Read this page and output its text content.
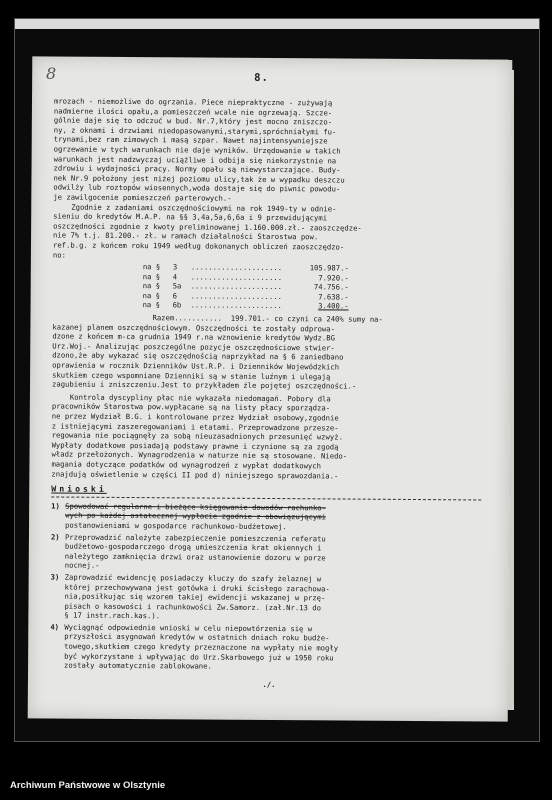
8.
mrozach - niemożliwe do ogrzania. Piece niepraktyczne - zużywają
nadmierne ilości opału,a pomieszczeń wcale nie ogrzewają. Szcze-
gólnie daje się to odczuć w bud. Nr.7,który jest mocno zniszczo-
ny, z oknami i drzwiami niedopasowanymi,starymi,spróchniałymi fu-
trynami,bez ram zimowych i masą szpar. Nawet najintensywniejsze
ogrzewanie w tych warunkach nie daje wyników. Urzędowanie w takich
warunkach jest nadzwyczaj uciążliwe i odbija się niekorzystnie na
zdrowiu i wydajności pracy. Normy opału są niewystarczające. Budy-
nek Nr.9 położony jest niżej poziomu ulicy,tak że w wypadku deszczu
odwilży lub roztopów wiosennych,woda dostaje się do piwnic powodu-
je zawilgocenie pomieszczeń parterowych.-
Zgodnie z zadaniami oszczędnościowymi na rok 1949-ty w odnie-
sieniu do kredytów M.A.P. na §§ 3,4a,5a,6,6a i 9 przewidującymi
oszczędności zgodnie z kwoty preliminowanej 1.160.000.zł.- zaoszczędze-
nie 7% t.j. 81.200.- zł. w ramach działalności Starostwa pow.
ref.b.g. z końcem roku 1949 według dokonanych obliczeń zaoszczędzo-
no:
na §	3	.....................	105.987.-
na §	4	.....................	7.920.-
na §	5a	.....................	74.756.-
na §	6	.....................	7.638.-
na §	6b	.....................	3.400.-
Razem...........  199.701.- co czyni ca 240% sumy na-
kazanej planem oszczędnościowym. Oszczędności te zostały odprowa-
dzone z końcem m-ca grudnia 1949 r.na wznowienie kredytów Wydz.BG
Urz.Woj.- Analizując poszczególne pozycje oszczędnościowe stwier-
dzono,że aby wykazać się oszczędnością naprzykład na § 6 zaniedbano
oprawienia w rocznik Dzienników Ust.R.P. i Dzienników Wojewódzkich
skutkiem czego wspomniane Dzienniki są w stanie luźnym i ulegają
zagubieniu i zniszczeniu.Jest to przykładem źle pojętej oszczędności.-
Kontrola dyscypliny płac nie wykazała niedomagań. Pobory dla
pracowników Starostwa pow.wypłacane są na listy płacy sporządza-
ne przez Wydział B.G. i kontrolowane przez Wydział osobowy,zgodnie
z istniejącymi zaszeregowaniami i etatami. Przeprowadzone przesze-
regowania nie pociągnęły za sobą nieuzasadnionych przesunięć wzwyż.
Wypłaty dodatkowe posiadają podstawy prawne i czynione są za zgodą
władz przełożonych. Wynagrodzenia w naturze nie są stosowane. Niedo-
magania dotyczące podatków od wynagrodzeń z wypłat dodatkowych
znajdują oświetlenie w części II pod d) niniejszego sprawozdania.-
Wnioski
1) Spowodować regularne i bieżące księgowanie dowodów rachunko-
wych po każdej ostatecznej wypłacie zgodnie z obowiązującymi
postanowieniami w gospodarce rachunkowo-budżetowej.
2) Przeprowadzić należyte zabezpieczenie pomieszczenia referatu
budżetowo-gospodarczego drogą umieszczenia krat okiennych i
należytego zamknięcia drzwi oraz ustanowienie dozoru w porze
nocnej.-
3) Zaprowadzić ewidencję posiadaczy kluczy do szafy żelaznej w
której przechowywana jest gotówka i druki ścisłego zarachowa-
nia,posiłkując się wzorem takiej ewidencji wskazanej w przę-
pisach o kasowości i rachunkowości Zw.Samorz. (zał.Nr.13 do
§ 17 instr.rach.kas.).
4) Wyciągnąć odpowiednie wnioski w celu niepowtórzenia się w
przyszłości asygnowań kredytów w ostatnich dniach roku budże-
towego,skutkiem czego kredyty przeznaczone na wypłaty nie mogły
być wykorzystane i wpływając do Urz.Skarbowego już w 1950 roku
zostały automatycznie zablokowane.
./.
8
Archiwum Państwowe w Olsztynie
